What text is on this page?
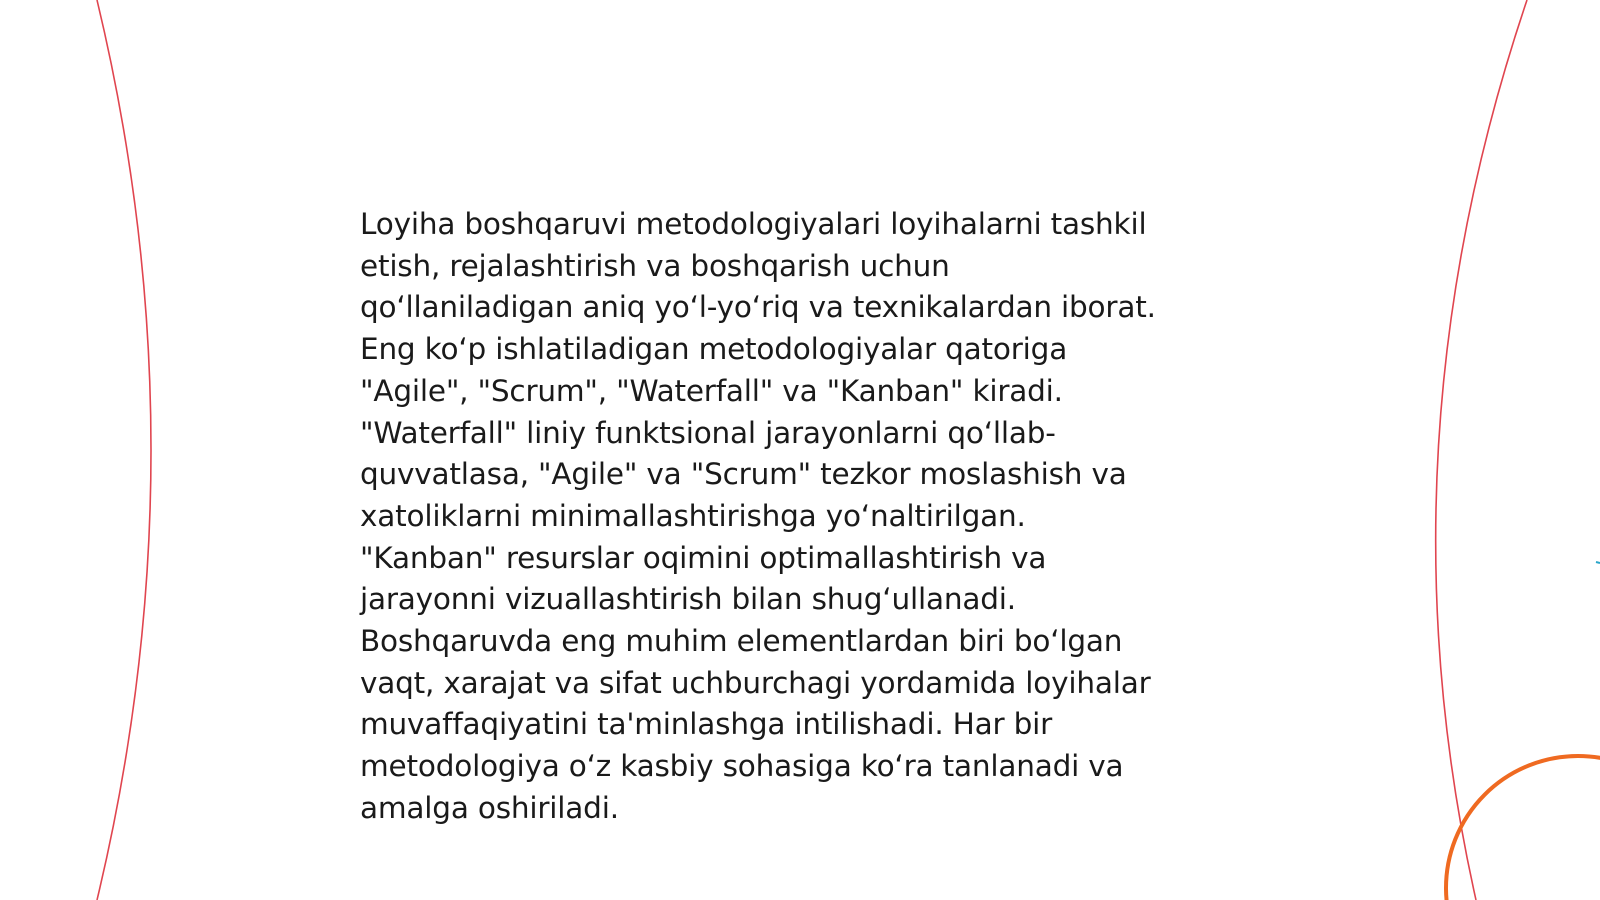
Loyiha boshqaruvi metodologiyalari loyihalarni tashkil

etish, rejalashtirish va boshqarish uchun

qo‘llaniladigan aniq yo‘l-yo‘riq va texnikalardan iborat.

Eng ko‘p ishlatiladigan metodologiyalar qatoriga

"Agile", "Scrum", "Waterfall" va "Kanban" kiradi.

"Waterfall" liniy funktsional jarayonlarni qo‘llab-

quvvatlasa, "Agile" va "Scrum" tezkor moslashish va

xatoliklarni minimallashtirishga yo‘naltirilgan.

"Kanban" resurslar oqimini optimallashtirish va

jarayonni vizuallashtirish bilan shug‘ullanadi.

Boshqaruvda eng muhim elementlardan biri bo‘lgan

vaqt, xarajat va sifat uchburchagi yordamida loyihalar

muvaffaqiyatini ta'minlashga intilishadi. Har bir

metodologiya o‘z kasbiy sohasiga ko‘ra tanlanadi va

amalga oshiriladi.
